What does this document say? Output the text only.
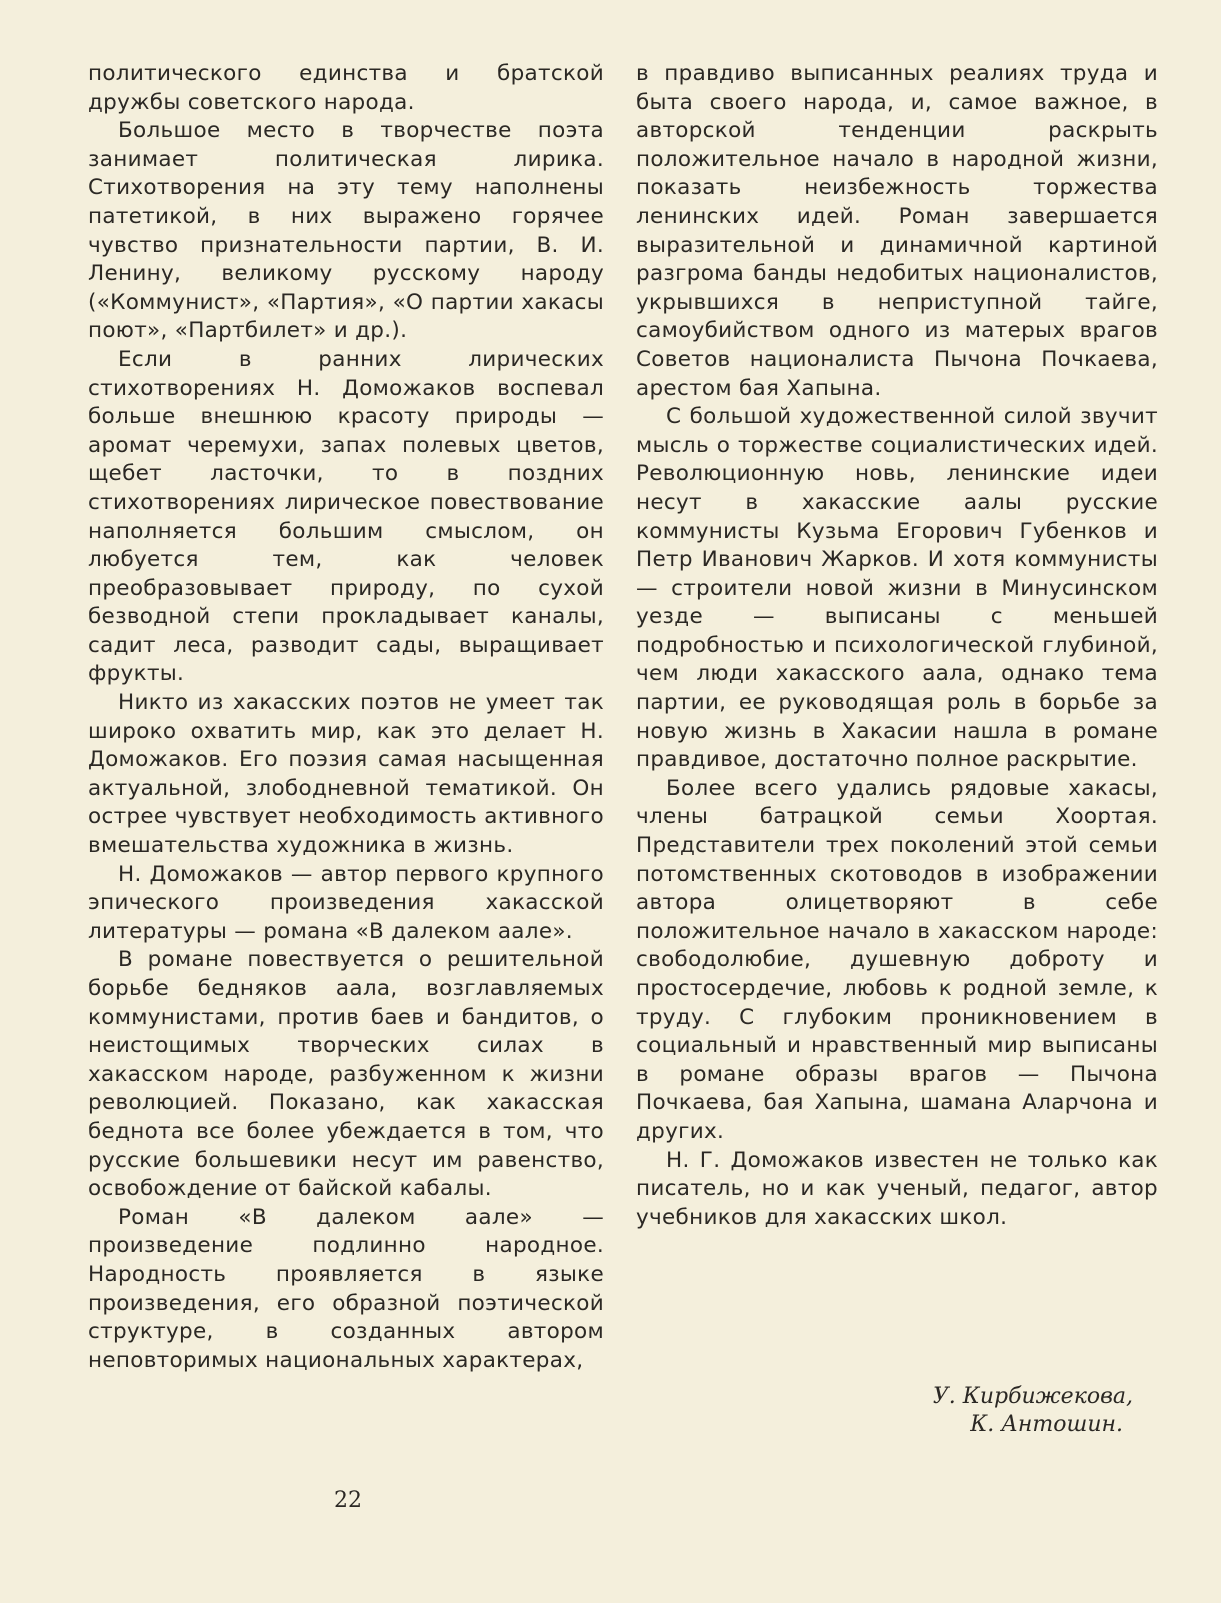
политического единства и братской дружбы советского народа.

Большое место в творчестве поэта занимает политическая лирика. Стихотворения на эту тему наполнены патетикой, в них выражено горячее чувство признательности партии, В. И. Ленину, великому русскому народу («Коммунист», «Партия», «О партии хакасы поют», «Партбилет» и др.).

Если в ранних лирических стихотворениях Н. Доможаков воспевал больше внешнюю красоту природы — аромат черемухи, запах полевых цветов, щебет ласточки, то в поздних стихотворениях лирическое повествование наполняется большим смыслом, он любуется тем, как человек преобразовывает природу, по сухой безводной степи прокладывает каналы, садит леса, разводит сады, выращивает фрукты.

Никто из хакасских поэтов не умеет так широко охватить мир, как это делает Н. Доможаков. Его поэзия самая насыщенная актуальной, злободневной тематикой. Он острее чувствует необходимость активного вмешательства художника в жизнь.

Н. Доможаков — автор первого крупного эпического произведения хакасской литературы — романа «В далеком аале».

В романе повествуется о решительной борьбе бедняков аала, возглавляемых коммунистами, против баев и бандитов, о неистощимых творческих силах в хакасском народе, разбуженном к жизни революцией. Показано, как хакасская беднота все более убеждается в том, что русские большевики несут им равенство, освобождение от байской кабалы.

Роман «В далеком аале» — произведение подлинно народное. Народность проявляется в языке произведения, его образной поэтической структуре, в созданных автором неповторимых национальных характерах,

в правдиво выписанных реалиях труда и быта своего народа, и, самое важное, в авторской тенденции раскрыть положительное начало в народной жизни, показать неизбежность торжества ленинских идей. Роман завершается выразительной и динамичной картиной разгрома банды недобитых националистов, укрывшихся в неприступной тайге, самоубийством одного из матерых врагов Советов националиста Пычона Почкаева, арестом бая Хапына.

С большой художественной силой звучит мысль о торжестве социалистических идей. Революционную новь, ленинские идеи несут в хакасские аалы русские коммунисты Кузьма Егорович Губенков и Петр Иванович Жарков. И хотя коммунисты — строители новой жизни в Минусинском уезде — выписаны с меньшей подробностью и психологической глубиной, чем люди хакасского аала, однако тема партии, ее руководящая роль в борьбе за новую жизнь в Хакасии нашла в романе правдивое, достаточно полное раскрытие.

Более всего удались рядовые хакасы, члены батрацкой семьи Хоортая. Представители трех поколений этой семьи потомственных скотоводов в изображении автора олицетворяют в себе положительное начало в хакасском народе: свободолюбие, душевную доброту и простосердечие, любовь к родной земле, к труду. С глубоким проникновением в социальный и нравственный мир выписаны в романе образы врагов — Пычона Почкаева, бая Хапына, шамана Аларчона и других.

Н. Г. Доможаков известен не только как писатель, но и как ученый, педагог, автор учебников для хакасских школ.

У. Кирбижекова,
К. Антошин.
22
